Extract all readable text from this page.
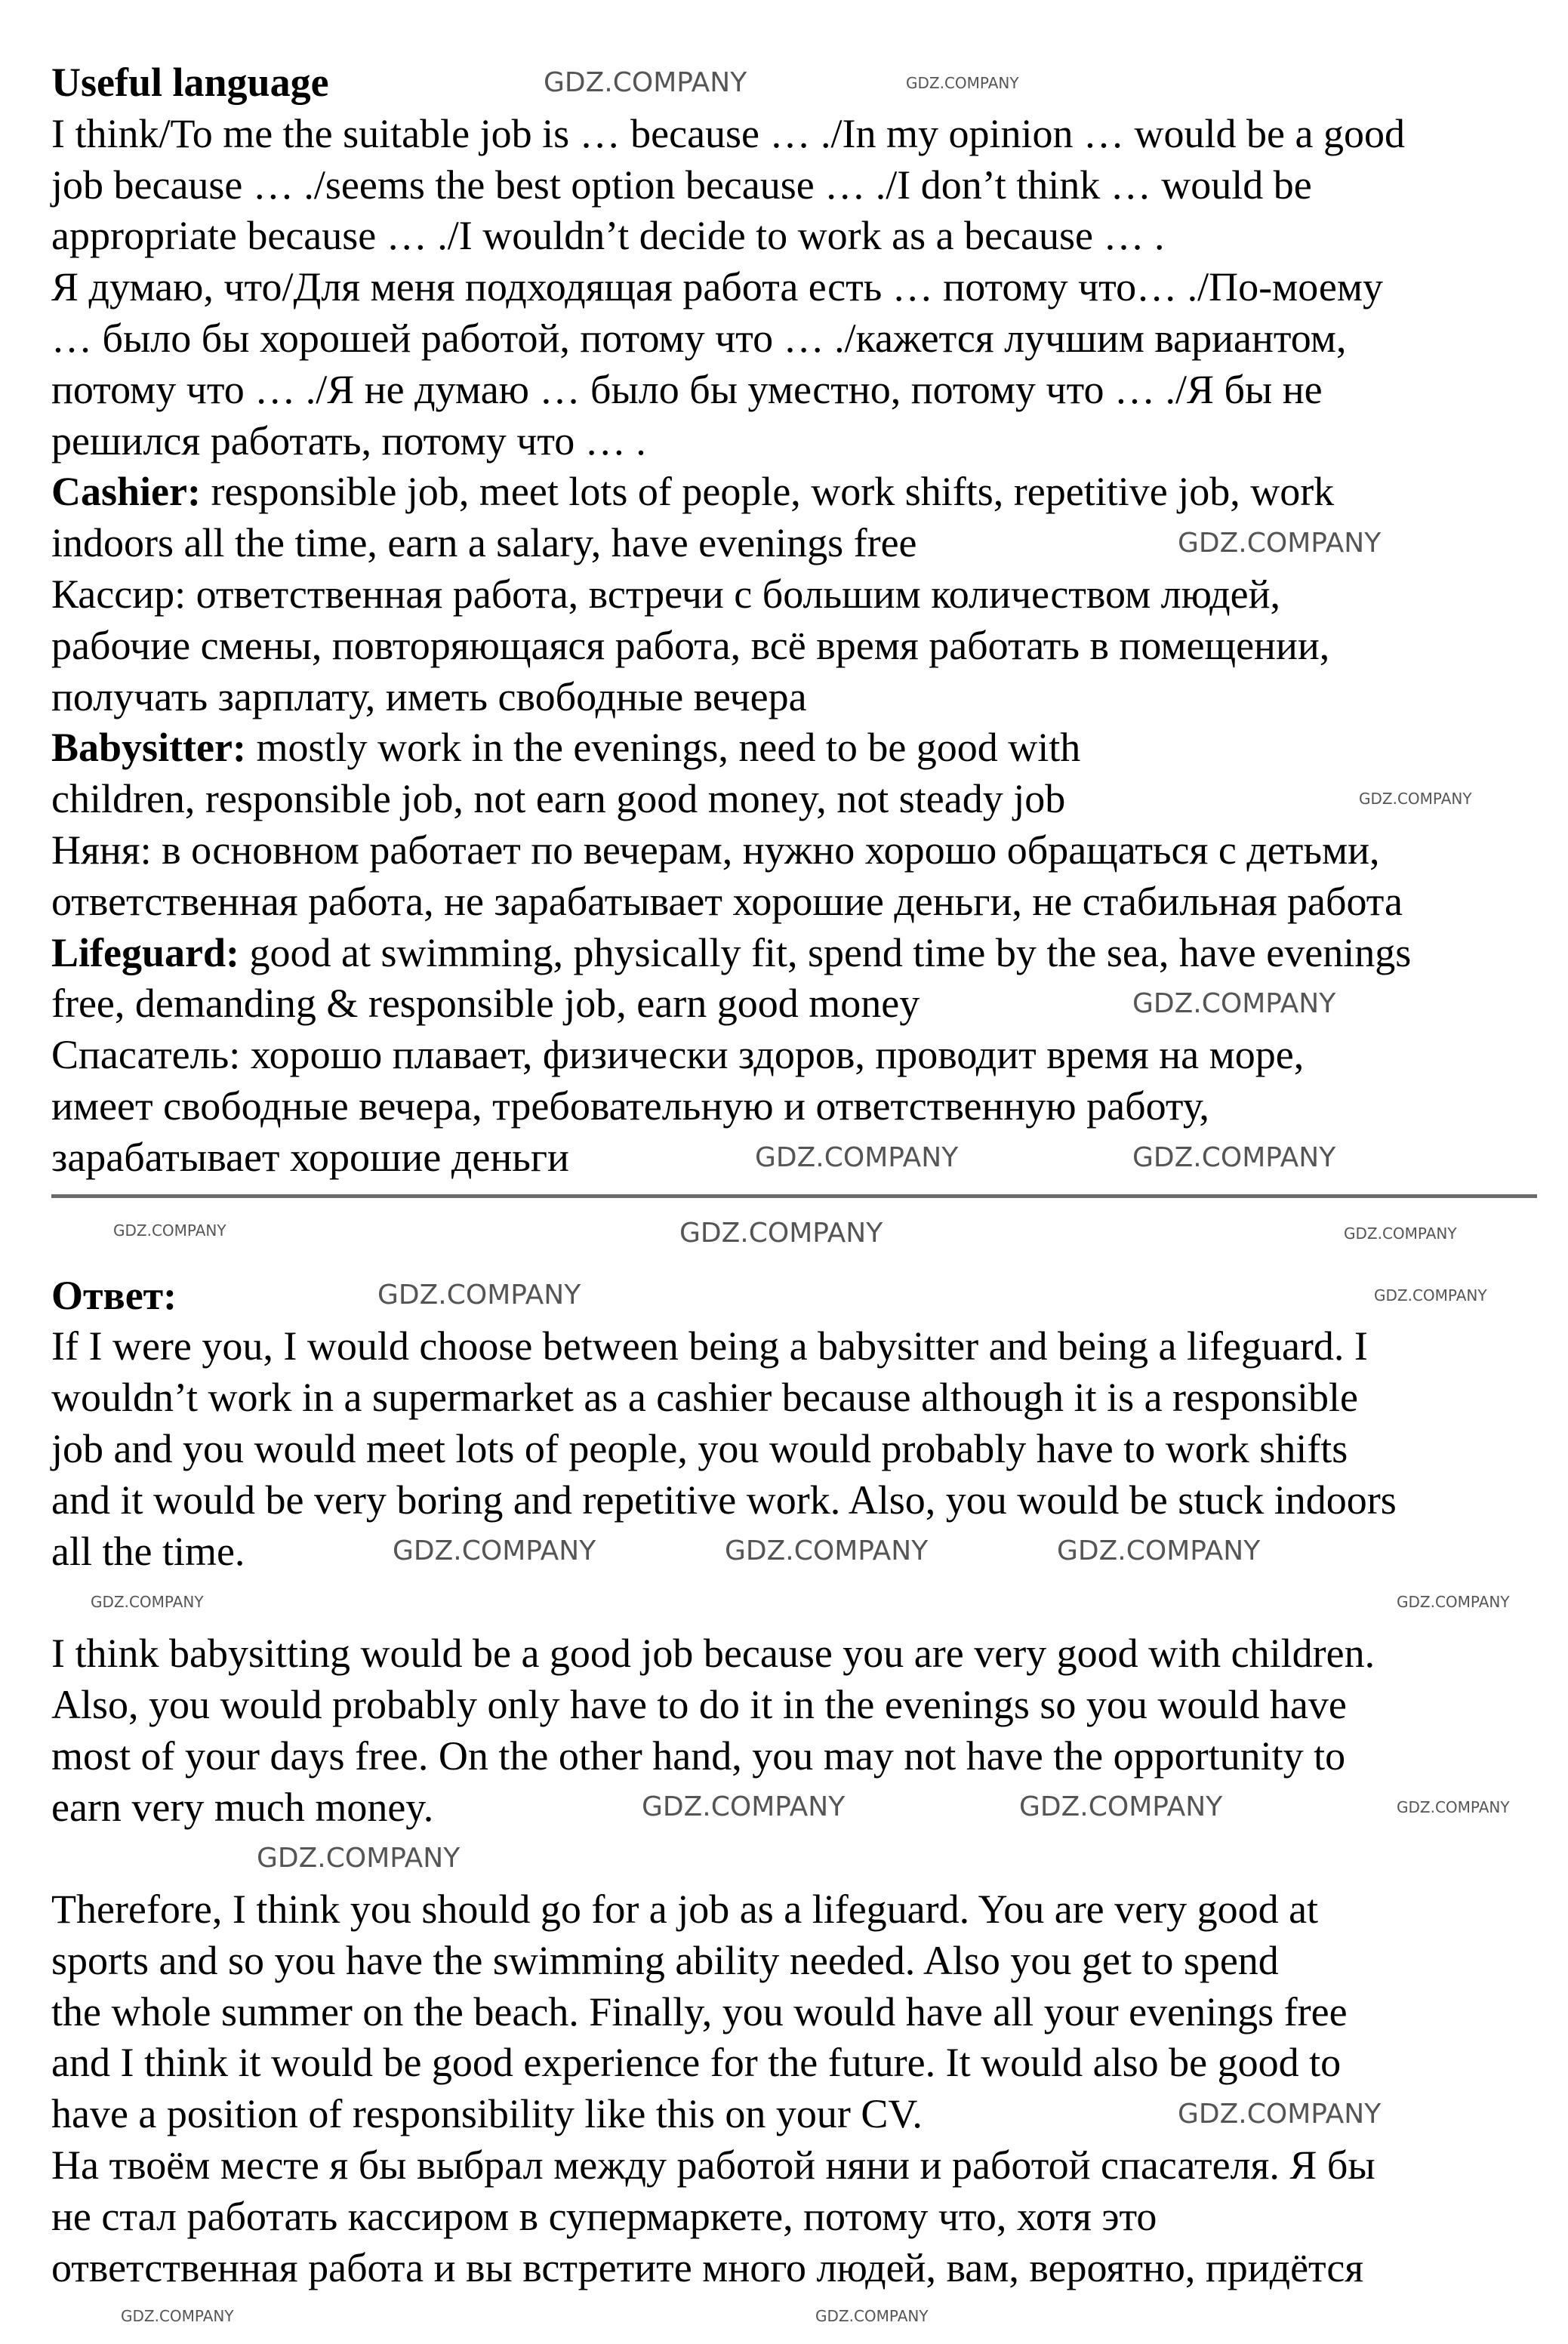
Useful language
I think/To me the suitable job is … because … ./In my opinion … would be a good
job because … ./seems the best option because … ./I don’t think … would be
appropriate because … ./I wouldn’t decide to work as a because … .
Я думаю, что/Для меня подходящая работа есть … потому что… ./По-моему
… было бы хорошей работой, потому что … ./кажется лучшим вариантом,
потому что … ./Я не думаю … было бы уместно, потому что … ./Я бы не
решился работать, потому что … .
Cashier: responsible job, meet lots of people, work shifts, repetitive job, work
indoors all the time, earn a salary, have evenings free
Кассир: ответственная работа, встречи с большим количеством людей,
рабочие смены, повторяющаяся работа, всё время работать в помещении,
получать зарплату, иметь свободные вечера
Babysitter: mostly work in the evenings, need to be good with
children, responsible job, not earn good money, not steady job
Няня: в основном работает по вечерам, нужно хорошо обращаться с детьми,
ответственная работа, не зарабатывает хорошие деньги, не стабильная работа
Lifeguard: good at swimming, physically fit, spend time by the sea, have evenings
free, demanding & responsible job, earn good money
Спасатель: хорошо плавает, физически здоров, проводит время на море,
имеет свободные вечера, требовательную и ответственную работу,
зарабатывает хорошие деньги
Ответ:
If I were you, I would choose between being a babysitter and being a lifeguard. I
wouldn’t work in a supermarket as a cashier because although it is a responsible
job and you would meet lots of people, you would probably have to work shifts
and it would be very boring and repetitive work. Also, you would be stuck indoors
all the time.
I think babysitting would be a good job because you are very good with children.
Also, you would probably only have to do it in the evenings so you would have
most of your days free. On the other hand, you may not have the opportunity to
earn very much money.
Therefore, I think you should go for a job as a lifeguard. You are very good at
sports and so you have the swimming ability needed. Also you get to spend
the whole summer on the beach. Finally, you would have all your evenings free
and I think it would be good experience for the future. It would also be good to
have a position of responsibility like this on your CV.
На твоём месте я бы выбрал между работой няни и работой спасателя. Я бы
не стал работать кассиром в супермаркете, потому что, хотя это
ответственная работа и вы встретите много людей, вам, вероятно, придётся
GDZ.COMPANY	GDZ.COMPANY
GDZ.COMPANY
GDZ.COMPANY
GDZ.COMPANY
GDZ.COMPANY	GDZ.COMPANY
GDZ.COMPANY	GDZ.COMPANY	GDZ.COMPANY
GDZ.COMPANY	GDZ.COMPANY
GDZ.COMPANY	GDZ.COMPANY	GDZ.COMPANY
GDZ.COMPANY	GDZ.COMPANY
GDZ.COMPANY	GDZ.COMPANY	GDZ.COMPANY
GDZ.COMPANY
GDZ.COMPANY
GDZ.COMPANY	GDZ.COMPANY
